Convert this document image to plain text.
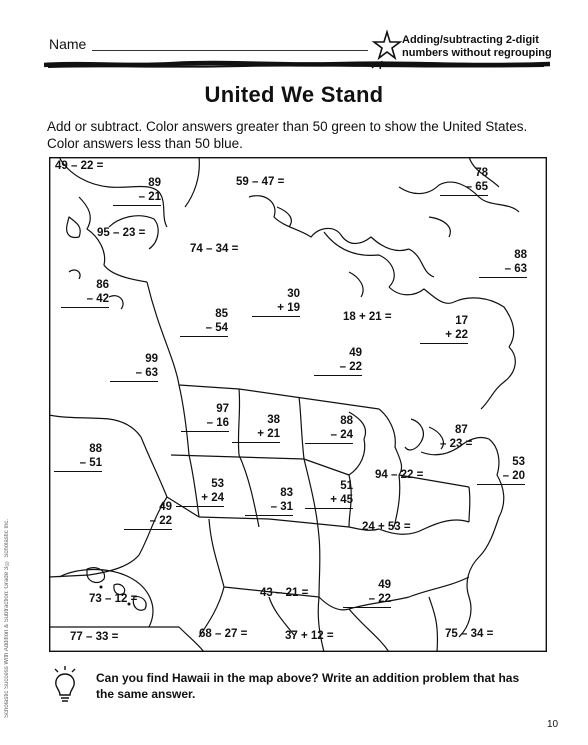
Name	Adding/subtracting 2-digit
numbers without regrouping
United We Stand
Add or subtract. Color answers greater than 50 green to show the United States. Color answers less than 50 blue.
49 – 22 =
59 – 47 =
95 – 23 =
74 – 34 =
18 + 21 =
94 – 22 =
24 + 53 =
43 – 21 =
73 – 12 =
77 – 33 =	68 – 27 =	37 + 12 =	75 – 34 =
87
– 23 =
89
– 21
78
– 65
88
– 63
86
– 42
85
– 54
30
+ 19
17
+ 22
99
– 63
49
– 22
97
– 16	38
+ 21
88
– 24
88
– 51	53
– 20
53
+ 24	83
– 31
51
+ 45
49
– 22
49
– 22
Can you find Hawaii in the map above? Write an addition problem that has the same answer.
Scholastic Success With Addition & Subtraction: Grade 3 © Scholastic Inc.
10
